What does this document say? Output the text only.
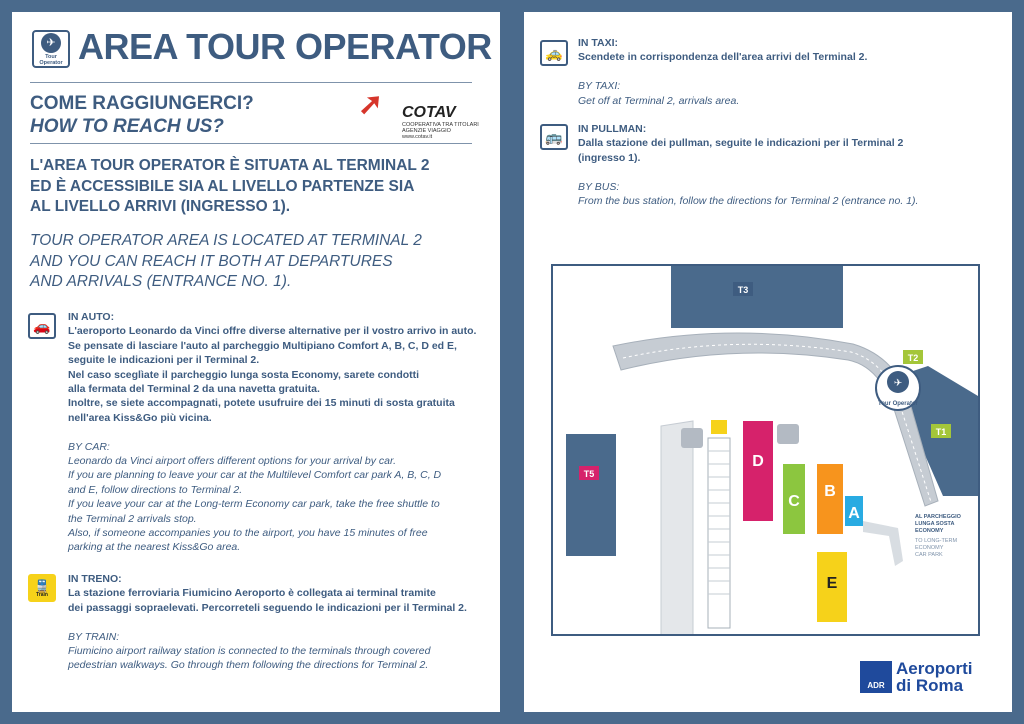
✈
Tour Operator AREA TOUR OPERATOR
COME RAGGIUNGERCI?
HOW TO REACH US?
➚ COTAV
COOPERATIVA TRA TITOLARI
AGENZIE VIAGGIO
www.cotav.it
L'AREA TOUR OPERATOR È SITUATA AL TERMINAL 2
ED È ACCESSIBILE SIA AL LIVELLO PARTENZE SIA
AL LIVELLO ARRIVI (INGRESSO 1).
TOUR OPERATOR AREA IS LOCATED AT TERMINAL 2
AND YOU CAN REACH IT BOTH AT DEPARTURES
AND ARRIVALS (ENTRANCE NO. 1).
🚗
IN AUTO:
L'aeroporto Leonardo da Vinci offre diverse alternative per il vostro arrivo in auto.
Se pensate di lasciare l'auto al parcheggio Multipiano Comfort A, B, C, D ed E,
seguite le indicazioni per il Terminal 2.
Nel caso sceglìate il parcheggio lunga sosta Economy, sarete condotti
alla fermata del Terminal 2 da una navetta gratuita.
Inoltre, se siete accompagnati, potete usufruire dei 15 minuti di sosta gratuita
nell'area Kiss&Go più vicina.
BY CAR:
Leonardo da Vinci airport offers different options for your arrival by car.
If you are planning to leave your car at the Multilevel Comfort car park A, B, C, D
and E, follow directions to Terminal 2.
If you leave your car at the Long-term Economy car park, take the free shuttle to
the Terminal 2 arrivals stop.
Also, if someone accompanies you to the airport, you have 15 minutes of free
parking at the nearest Kiss&Go area.
🚆
Train
IN TRENO:
La stazione ferroviaria Fiumicino Aeroporto è collegata ai terminal tramite
dei passaggi sopraelevati. Percorreteli seguendo le indicazioni per il Terminal 2.
BY TRAIN:
Fiumicino airport railway station is connected to the terminals through covered
pedestrian walkways. Go through them following the directions for Terminal 2.
🚕
IN TAXI:
Scendete in corrispondenza dell'area arrivi del Terminal 2.
BY TAXI:
Get off at Terminal 2, arrivals area.
🚌	IN PULLMAN:
Dalla stazione dei pullman, seguite le indicazioni per il Terminal 2
(ingresso 1).
BY BUS:
From the bus station, follow the directions for Terminal 2 (entrance no. 1).
T3
T1
T2
T5
D
C
B
A
E
✈
Tour Operator
AL PARCHEGGIO LUNGA SOSTA ECONOMY
TO LONG-TERM ECONOMY CAR PARK
ADR
Aeroporti
di Roma
